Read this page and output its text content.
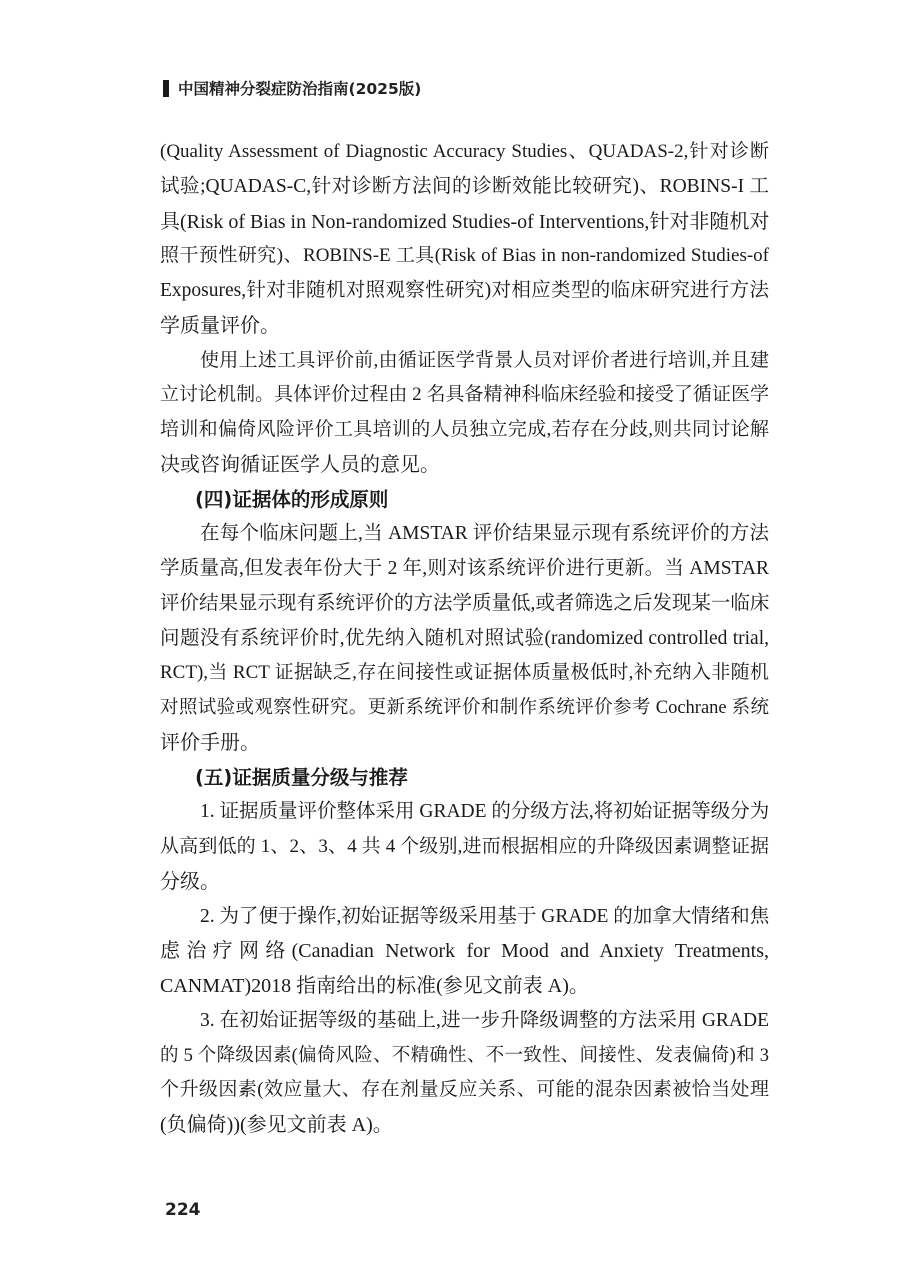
中国精神分裂症防治指南(2025版)
(Quality Assessment of Diagnostic Accuracy Studies、QUADAS-2,针对诊断
试验;QUADAS-C,针对诊断方法间的诊断效能比较研究)、ROBINS-I 工
具(Risk of Bias in Non-randomized Studies-of Interventions,针对非随机对
照干预性研究)、ROBINS-E 工具(Risk of Bias in non-randomized Studies-of
Exposures,针对非随机对照观察性研究)对相应类型的临床研究进行方法
学质量评价。
使用上述工具评价前,由循证医学背景人员对评价者进行培训,并且建
立讨论机制。具体评价过程由 2 名具备精神科临床经验和接受了循证医学
培训和偏倚风险评价工具培训的人员独立完成,若存在分歧,则共同讨论解
决或咨询循证医学人员的意见。
(四)证据体的形成原则
在每个临床问题上,当 AMSTAR 评价结果显示现有系统评价的方法
学质量高,但发表年份大于 2 年,则对该系统评价进行更新。当 AMSTAR
评价结果显示现有系统评价的方法学质量低,或者筛选之后发现某一临床
问题没有系统评价时,优先纳入随机对照试验(randomized controlled trial,
RCT),当 RCT 证据缺乏,存在间接性或证据体质量极低时,补充纳入非随机
对照试验或观察性研究。更新系统评价和制作系统评价参考 Cochrane 系统
评价手册。
(五)证据质量分级与推荐
1. 证据质量评价整体采用 GRADE 的分级方法,将初始证据等级分为
从高到低的 1、2、3、4 共 4 个级别,进而根据相应的升降级因素调整证据
分级。
2. 为了便于操作,初始证据等级采用基于 GRADE 的加拿大情绪和焦
虑治疗网络(Canadian Network for Mood and Anxiety Treatments,
CANMAT)2018 指南给出的标准(参见文前表 A)。
3. 在初始证据等级的基础上,进一步升降级调整的方法采用 GRADE
的 5 个降级因素(偏倚风险、不精确性、不一致性、间接性、发表偏倚)和 3
个升级因素(效应量大、存在剂量反应关系、可能的混杂因素被恰当处理
(负偏倚))(参见文前表 A)。
224
